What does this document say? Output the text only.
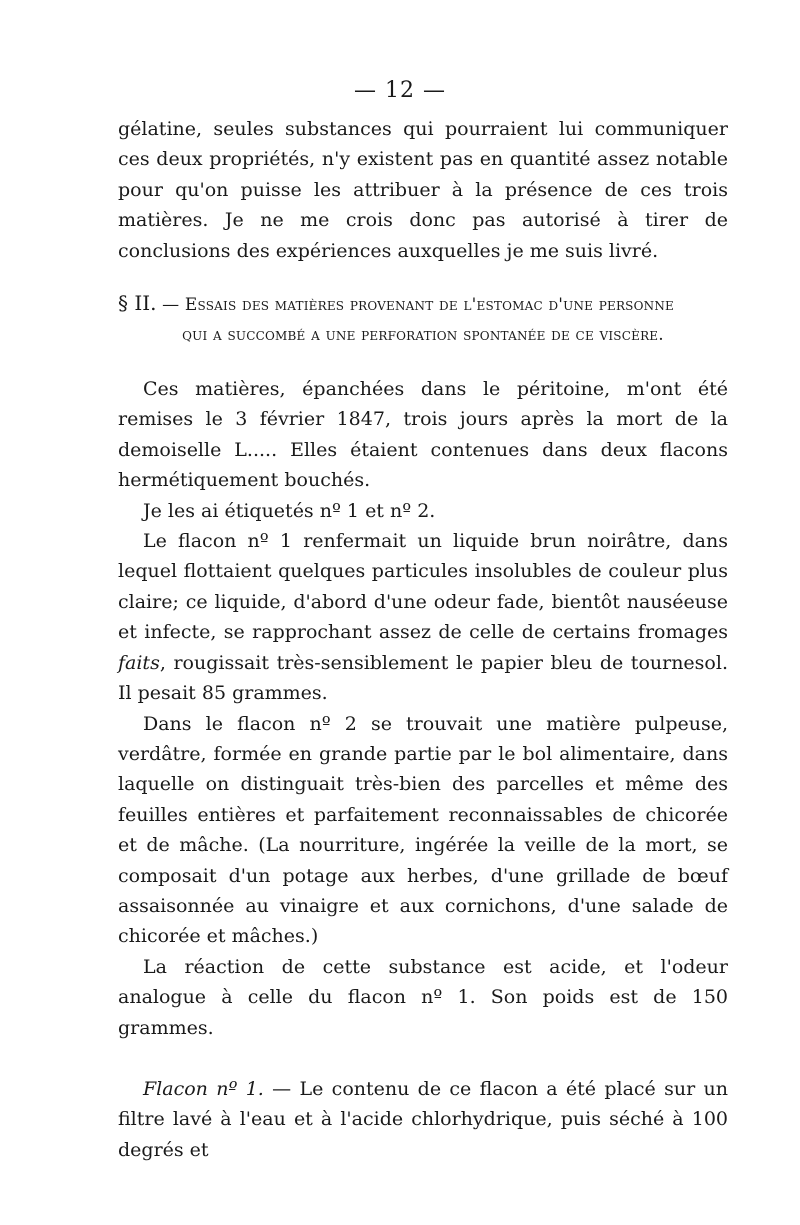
— 12 —

gélatine, seules substances qui pourraient lui communiquer ces deux propriétés, n'y existent pas en quantité assez notable pour qu'on puisse les attribuer à la présence de ces trois matières. Je ne me crois donc pas autorisé à tirer de conclusions des expériences auxquelles je me suis livré.

§ II. — Essais des matières provenant de l'estomac d'une personne
qui a succombé a une perforation spontanée de ce viscère.

Ces matières, épanchées dans le péritoine, m'ont été remises le 3 février 1847, trois jours après la mort de la demoiselle L..... Elles étaient contenues dans deux flacons hermétiquement bouchés.

Je les ai étiquetés nº 1 et nº 2.

Le flacon nº 1 renfermait un liquide brun noirâtre, dans lequel flottaient quelques particules insolubles de couleur plus claire; ce liquide, d'abord d'une odeur fade, bientôt nauséeuse et infecte, se rapprochant assez de celle de certains fromages faits, rougissait très-sensiblement le papier bleu de tournesol. Il pesait 85 grammes.

Dans le flacon nº 2 se trouvait une matière pulpeuse, verdâtre, formée en grande partie par le bol alimentaire, dans laquelle on distinguait très-bien des parcelles et même des feuilles entières et parfaitement reconnaissables de chicorée et de mâche. (La nourriture, ingérée la veille de la mort, se composait d'un potage aux herbes, d'une grillade de bœuf assaisonnée au vinaigre et aux cornichons, d'une salade de chicorée et mâches.)

La réaction de cette substance est acide, et l'odeur analogue à celle du flacon nº 1. Son poids est de 150 grammes.

Flacon nº 1. — Le contenu de ce flacon a été placé sur un filtre lavé à l'eau et à l'acide chlorhydrique, puis séché à 100 degrés et
